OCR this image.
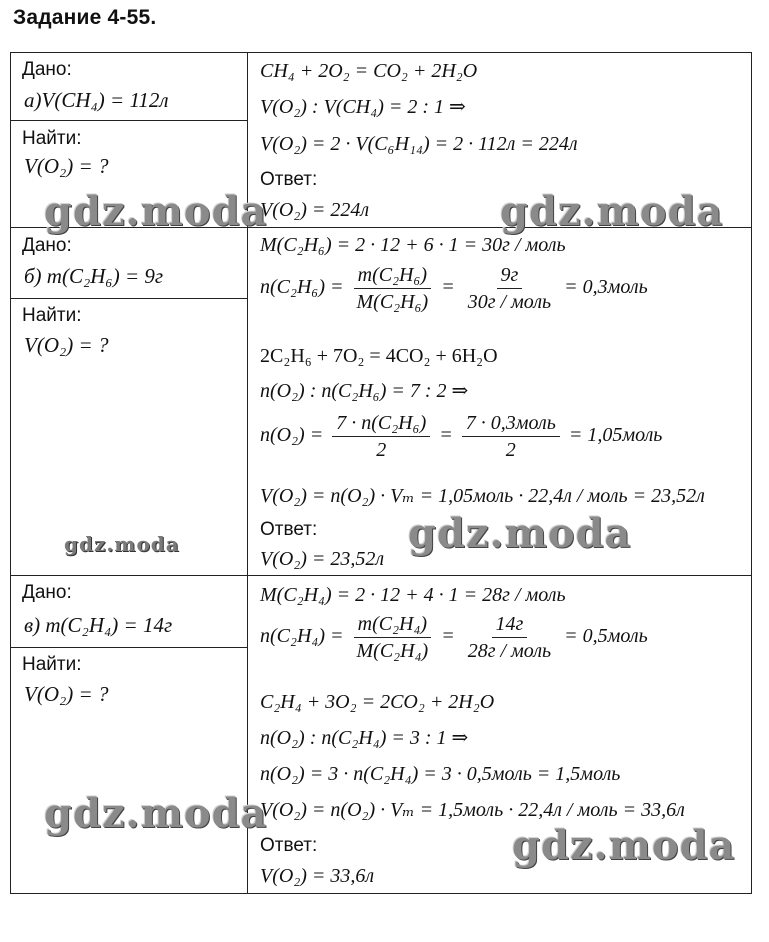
Задание 4-55.
Дано:
а)V(CH₄) = 112л
Найти:
V(O₂) = ?
CH₄ + 2O₂ = CO₂ + 2H₂O
V(O₂) : V(CH₄) = 2 : 1 ⇒
V(O₂) = 2 · V(C₆H₁₄) = 2 · 112л = 224л
Ответ:
V(O₂) = 224л
Дано:
б) m(C₂H₆) = 9г
Найти:
V(O₂) = ?
M(C₂H₆) = 2 · 12 + 6 · 1 = 30г / моль
$n(C_2H_6) = \frac{\text{m(C₂H₆)}}{\text{M(C₂H₆)}} = \frac{9г}{\text{30г / моль}}$ = 0,3моль
2C₂H₆ + 7O₂ = 4CO₂ + 6H₂O
n(O₂) : n(C₂H₆) = 7 : 2 ⇒
$n(O_2) = \frac{\text{7 · n(C₂H₆)}}{2} = \frac{\text{7 · 0,3моль}}{2}$ = 1,05моль
V(O₂) = n(O₂) · Vₘ = 1,05моль · 22,4л / моль = 23,52л
Ответ:
V(O₂) = 23,52л
Дано:
в) m(C₂H₄) = 14г
Найти:
V(O₂) = ?
M(C₂H₄) = 2 · 12 + 4 · 1 = 28г / моль
$n(C_2H_4) = \frac{\text{m(C₂H₄)}}{\text{M(C₂H₄)}} = \frac{14г}{\text{28г / моль}}$ = 0,5моль
C₂H₄ + 3O₂ = 2CO₂ + 2H₂O
n(O₂) : n(C₂H₄) = 3 : 1 ⇒
n(O₂) = 3 · n(C₂H₄) = 3 · 0,5моль = 1,5моль
V(O₂) = n(O₂) · Vₘ = 1,5моль · 22,4л / моль = 33,6л
Ответ:
V(O₂) = 33,6л
gdz.moda	gdz.moda
gdz.moda	gdz.moda
gdz.moda
gdz.moda
